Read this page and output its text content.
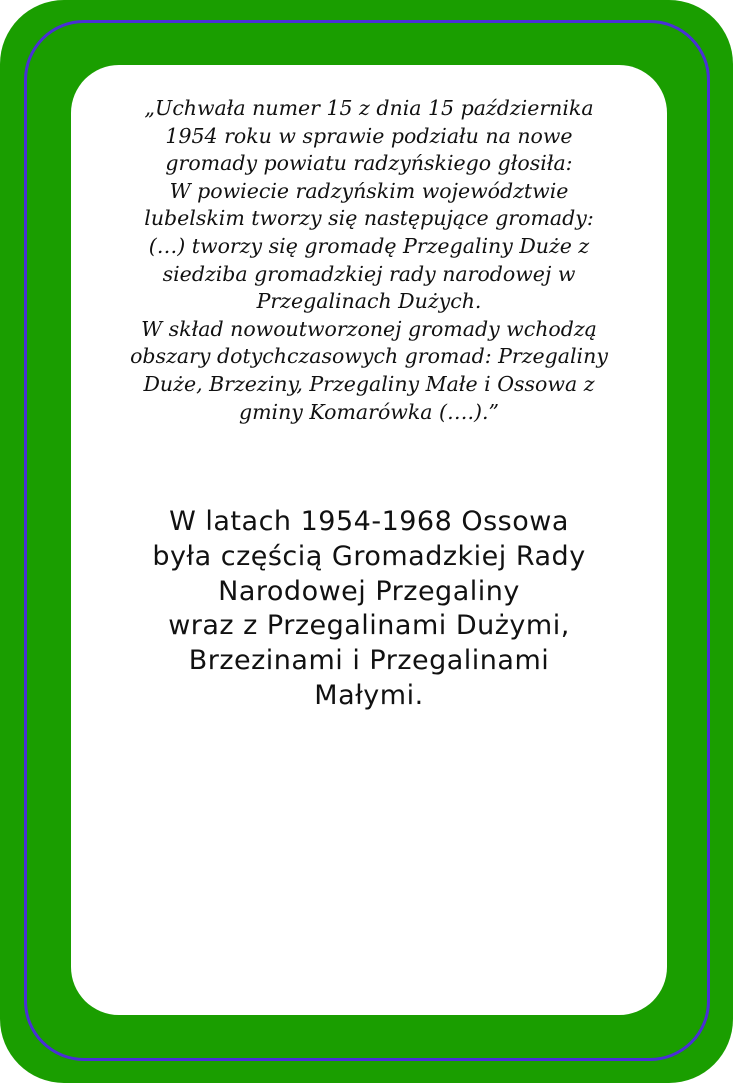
„Uchwała numer 15 z dnia 15 października
1954 roku w sprawie podziału na nowe
gromady powiatu radzyńskiego głosiła:
W powiecie radzyńskim województwie
lubelskim tworzy się następujące gromady:
(…) tworzy się gromadę Przegaliny Duże z
siedziba gromadzkiej rady narodowej w
Przegalinach Dużych.
W skład nowoutworzonej gromady wchodzą
obszary dotychczasowych gromad: Przegaliny
Duże, Brzeziny, Przegaliny Małe i Ossowa z
gminy Komarówka (….).”

W latach 1954-1968 Ossowa
była częścią Gromadzkiej Rady
Narodowej Przegaliny
wraz z Przegalinami Dużymi,
Brzezinami i Przegalinami
Małymi.
